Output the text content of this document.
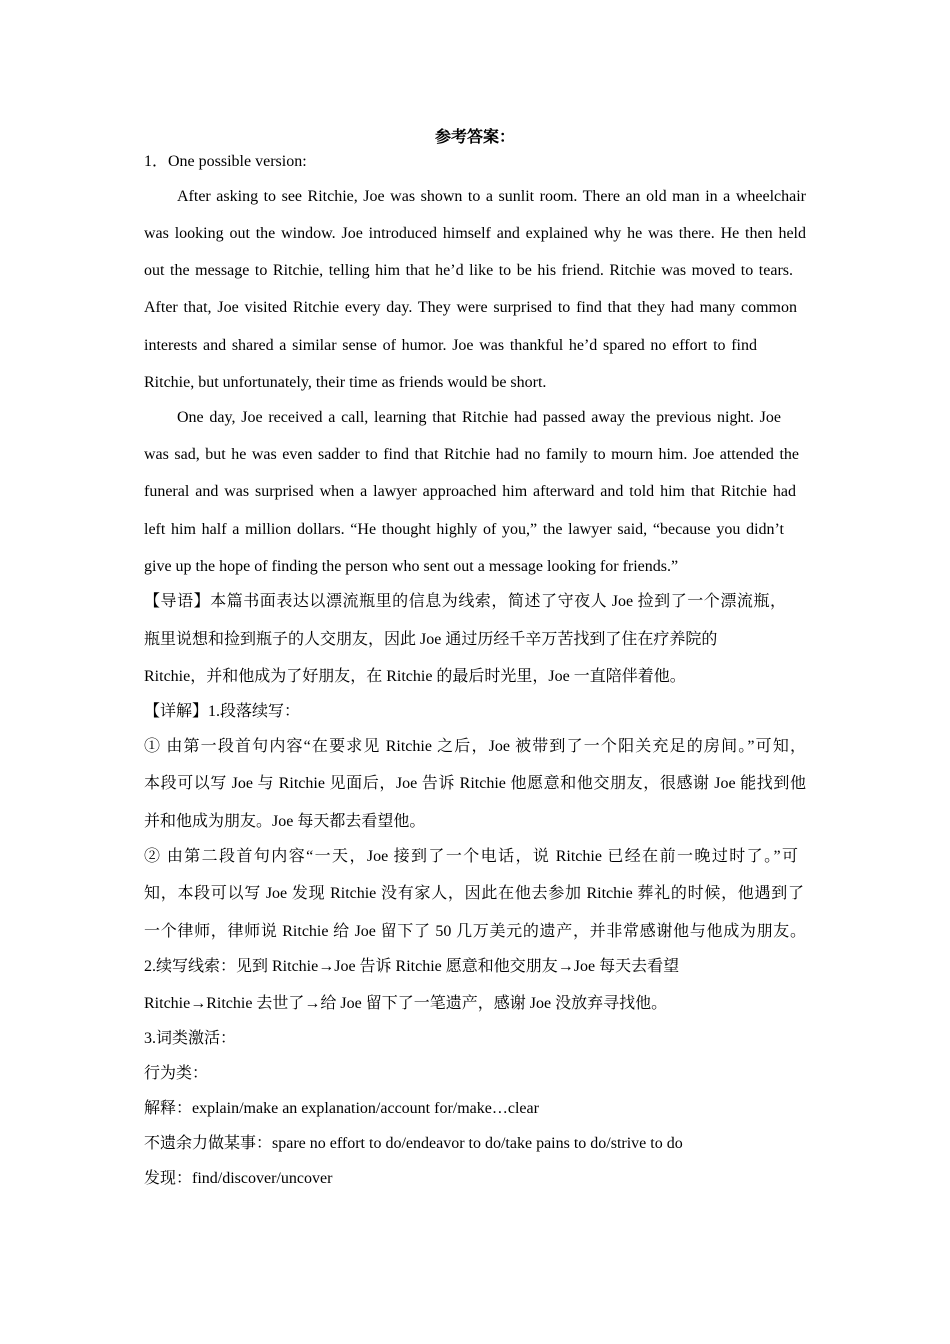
参考答案：
1．One possible version:
After asking to see Ritchie, Joe was shown to a sunlit room. There an old man in a wheelchair
was looking out the window. Joe introduced himself and explained why he was there. He then held
out the message to Ritchie, telling him that he’d like to be his friend. Ritchie was moved to tears.
After that, Joe visited Ritchie every day. They were surprised to find that they had many common
interests and shared a similar sense of humor. Joe was thankful he’d spared no effort to find
Ritchie, but unfortunately, their time as friends would be short.
One day, Joe received a call, learning that Ritchie had passed away the previous night. Joe
was sad, but he was even sadder to find that Ritchie had no family to mourn him. Joe attended the
funeral and was surprised when a lawyer approached him afterward and told him that Ritchie had
left him half a million dollars. “He thought highly of you,” the lawyer said, “because you didn’t
give up the hope of finding the person who sent out a message looking for friends.”
【导语】本篇书面表达以漂流瓶里的信息为线索，简述了守夜人 Joe 捡到了一个漂流瓶，
瓶里说想和捡到瓶子的人交朋友，因此 Joe 通过历经千辛万苦找到了住在疗养院的
Ritchie，并和他成为了好朋友，在 Ritchie 的最后时光里，Joe 一直陪伴着他。
【详解】1.段落续写：
① 由第一段首句内容“在要求见 Ritchie 之后，Joe 被带到了一个阳关充足的房间。”可知，
本段可以写 Joe 与 Ritchie 见面后，Joe 告诉 Ritchie 他愿意和他交朋友，很感谢 Joe 能找到他
并和他成为朋友。Joe 每天都去看望他。
② 由第二段首句内容“一天，Joe 接到了一个电话，说 Ritchie 已经在前一晚过时了。”可
知，本段可以写 Joe 发现 Ritchie 没有家人，因此在他去参加 Ritchie 葬礼的时候，他遇到了
一个律师，律师说 Ritchie 给 Joe 留下了 50 几万美元的遗产，并非常感谢他与他成为朋友。
2.续写线索：见到 Ritchie→Joe 告诉 Ritchie 愿意和他交朋友→Joe 每天去看望
Ritchie→Ritchie 去世了→给 Joe 留下了一笔遗产，感谢 Joe 没放弃寻找他。
3.词类激活：
行为类：
解释：explain/make an explanation/account for/make…clear
不遗余力做某事：spare no effort to do/endeavor to do/take pains to do/strive to do
发现：find/discover/uncover
